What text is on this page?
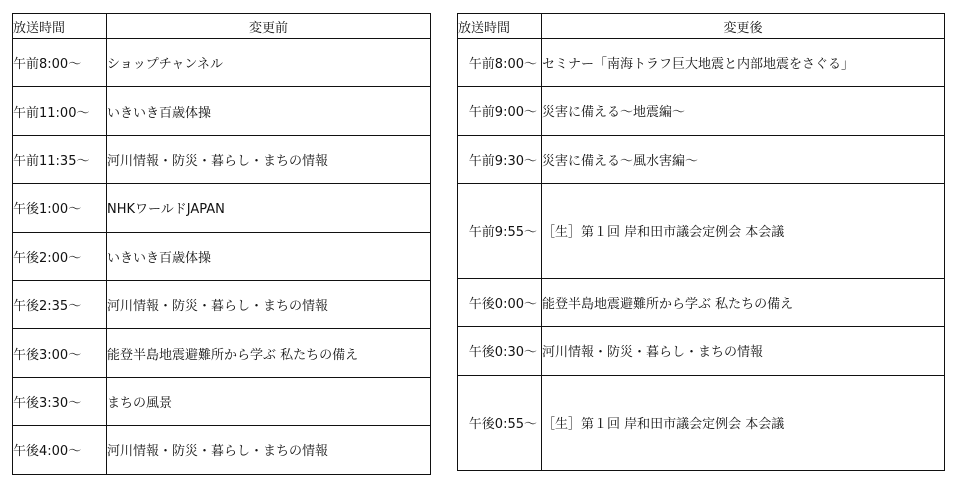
放送時間	変更前
午前8:00～	ショップチャンネル
午前11:00～	いきいき百歳体操
午前11:35～	河川情報・防災・暮らし・まちの情報
午後1:00～	NHKワールドJAPAN
午後2:00～	いきいき百歳体操
午後2:35～	河川情報・防災・暮らし・まちの情報
午後3:00～	能登半島地震避難所から学ぶ 私たちの備え
午後3:30～	まちの風景
午後4:00～	河川情報・防災・暮らし・まちの情報
放送時間	変更後
午前8:00～	セミナー「南海トラフ巨大地震と内部地震をさぐる」
午前9:00～	災害に備える～地震編～
午前9:30～	災害に備える～風水害編～
午前9:55～	［生］第１回 岸和田市議会定例会 本会議
午後0:00～	能登半島地震避難所から学ぶ 私たちの備え
午後0:30～	河川情報・防災・暮らし・まちの情報
午後0:55～	［生］第１回 岸和田市議会定例会 本会議
